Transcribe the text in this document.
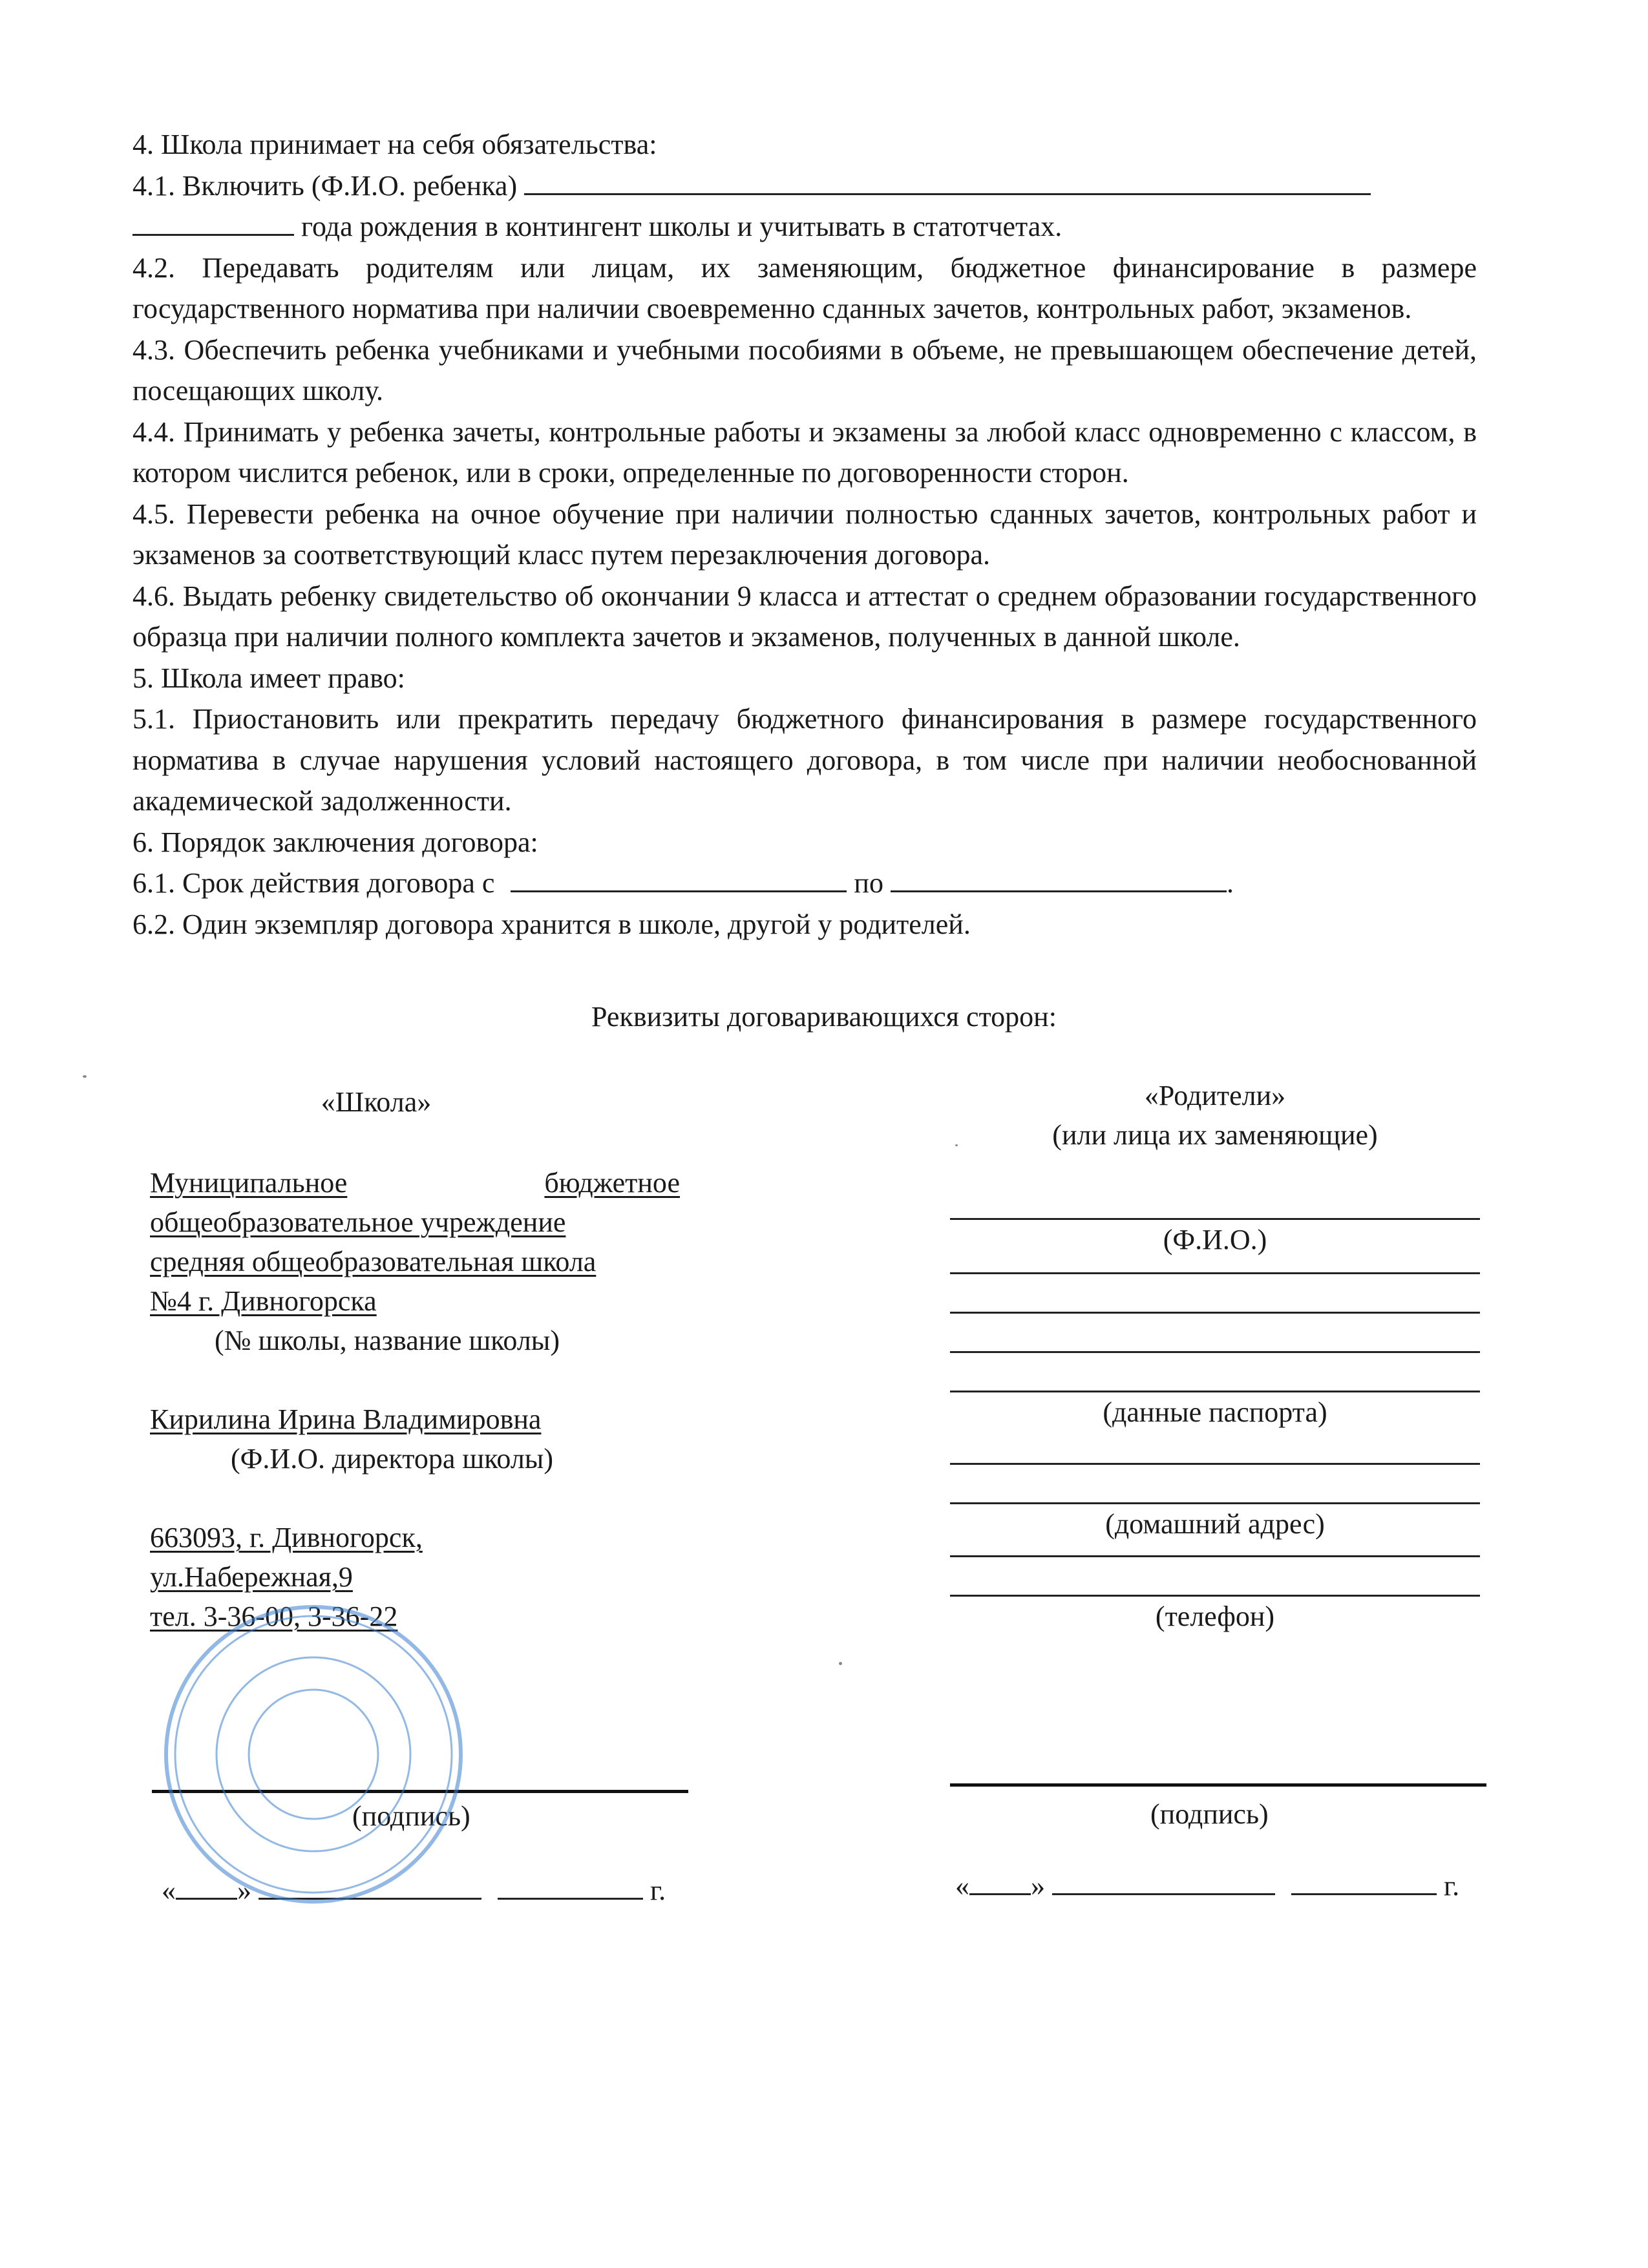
4. Школа принимает на себя обязательства:

4.1. Включить (Ф.И.О. ребенка)

года рождения в контингент школы и учитывать в статотчетах.

4.2. Передавать родителям или лицам, их заменяющим, бюджетное финансирование в размере государственного норматива при наличии своевременно сданных зачетов, контрольных работ, экзаменов.

4.3. Обеспечить ребенка учебниками и учебными пособиями в объеме, не превышающем обеспечение детей, посещающих школу.

4.4. Принимать у ребенка зачеты, контрольные работы и экзамены за любой класс одновременно с классом, в котором числится ребенок, или в сроки, определенные по договоренности сторон.

4.5. Перевести ребенка на очное обучение при наличии полностью сданных зачетов, контрольных работ и экзаменов за соответствующий класс путем перезаключения договора.

4.6. Выдать ребенку свидетельство об окончании 9 класса и аттестат о среднем образовании государственного образца при наличии полного комплекта зачетов и экзаменов, полученных в данной школе.

5. Школа имеет право:

5.1. Приостановить или прекратить передачу бюджетного финансирования в размере государственного норматива в случае нарушения условий настоящего договора, в том числе при наличии необоснованной академической задолженности.

6. Порядок заключения договора:

6.1. Срок действия договора с	по	.

6.2. Один экземпляр договора хранится в школе, другой у родителей.

Реквизиты договаривающихся сторон:
«Школа»
Муниципальное	бюджетное
общеобразовательное учреждение
средняя общеобразовательная школа
№4 г. Дивногорска
(№ школы, название школы)
Кирилина Ирина Владимировна
(Ф.И.О. директора школы)
663093, г. Дивногорск,
ул.Набережная,9
тел. 3-36-00, 3-36-22
«Родители»
(или лица их заменяющие)
(Ф.И.О.)
(данные паспорта)
(домашний адрес)
(телефон)
(подпись)	(подпись)
« »	г.	« »	г.
